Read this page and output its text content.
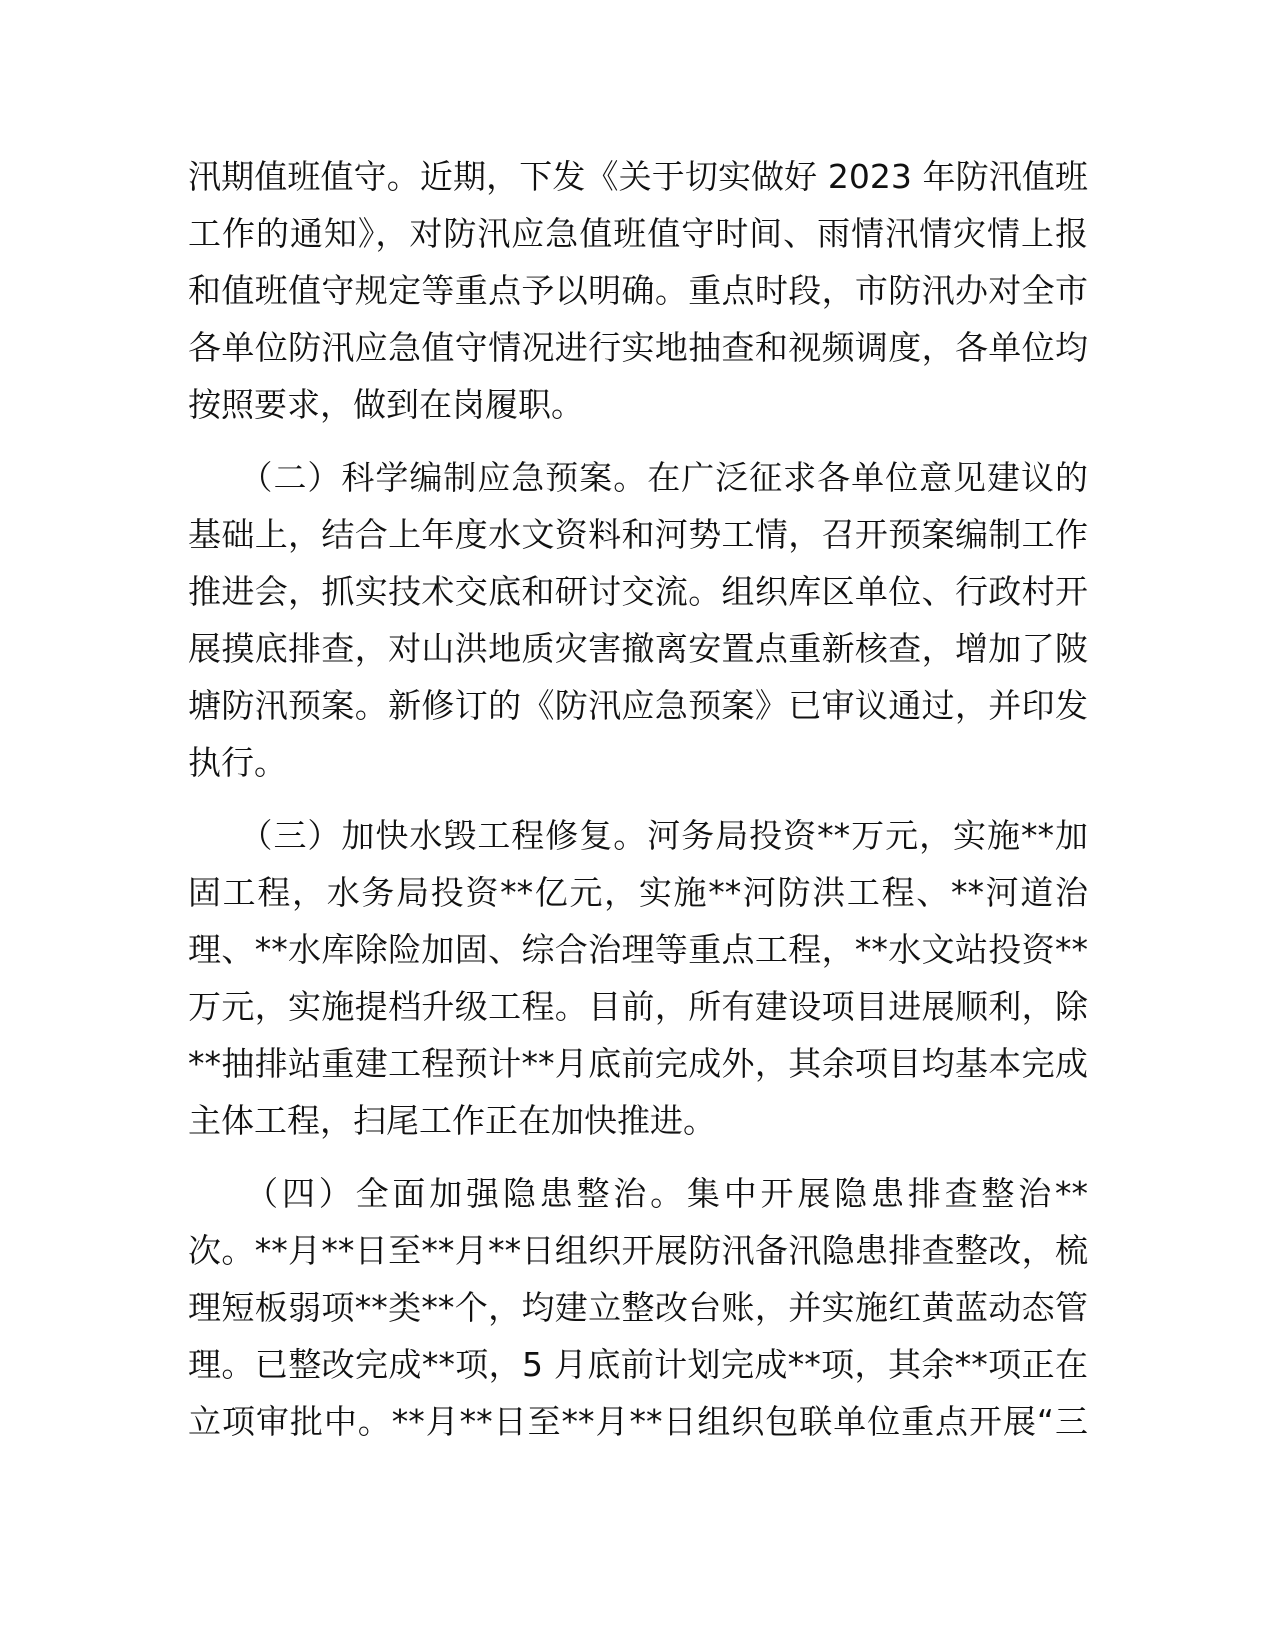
汛期值班值守。近期，下发《关于切实做好 2023 年防汛值班
工作的通知》，对防汛应急值班值守时间、雨情汛情灾情上报
和值班值守规定等重点予以明确。重点时段，市防汛办对全市
各单位防汛应急值守情况进行实地抽查和视频调度，各单位均
按照要求，做到在岗履职。
　　（二）科学编制应急预案。在广泛征求各单位意见建议的
基础上，结合上年度水文资料和河势工情，召开预案编制工作
推进会，抓实技术交底和研讨交流。组织库区单位、行政村开
展摸底排查，对山洪地质灾害撤离安置点重新核查，增加了陂
塘防汛预案。新修订的《防汛应急预案》已审议通过，并印发
执行。
　　（三）加快水毁工程修复。河务局投资**万元，实施**加
固工程，水务局投资**亿元，实施**河防洪工程、**河道治
理、**水库除险加固、综合治理等重点工程，**水文站投资**
万元，实施提档升级工程。目前，所有建设项目进展顺利，除
**抽排站重建工程预计**月底前完成外，其余项目均基本完成
主体工程，扫尾工作正在加快推进。
　　（四）全面加强隐患整治。集中开展隐患排查整治**
次。**月**日至**月**日组织开展防汛备汛隐患排查整改，梳
理短板弱项**类**个，均建立整改台账，并实施红黄蓝动态管
理。已整改完成**项，5 月底前计划完成**项，其余**项正在
立项审批中。**月**日至**月**日组织包联单位重点开展“三
